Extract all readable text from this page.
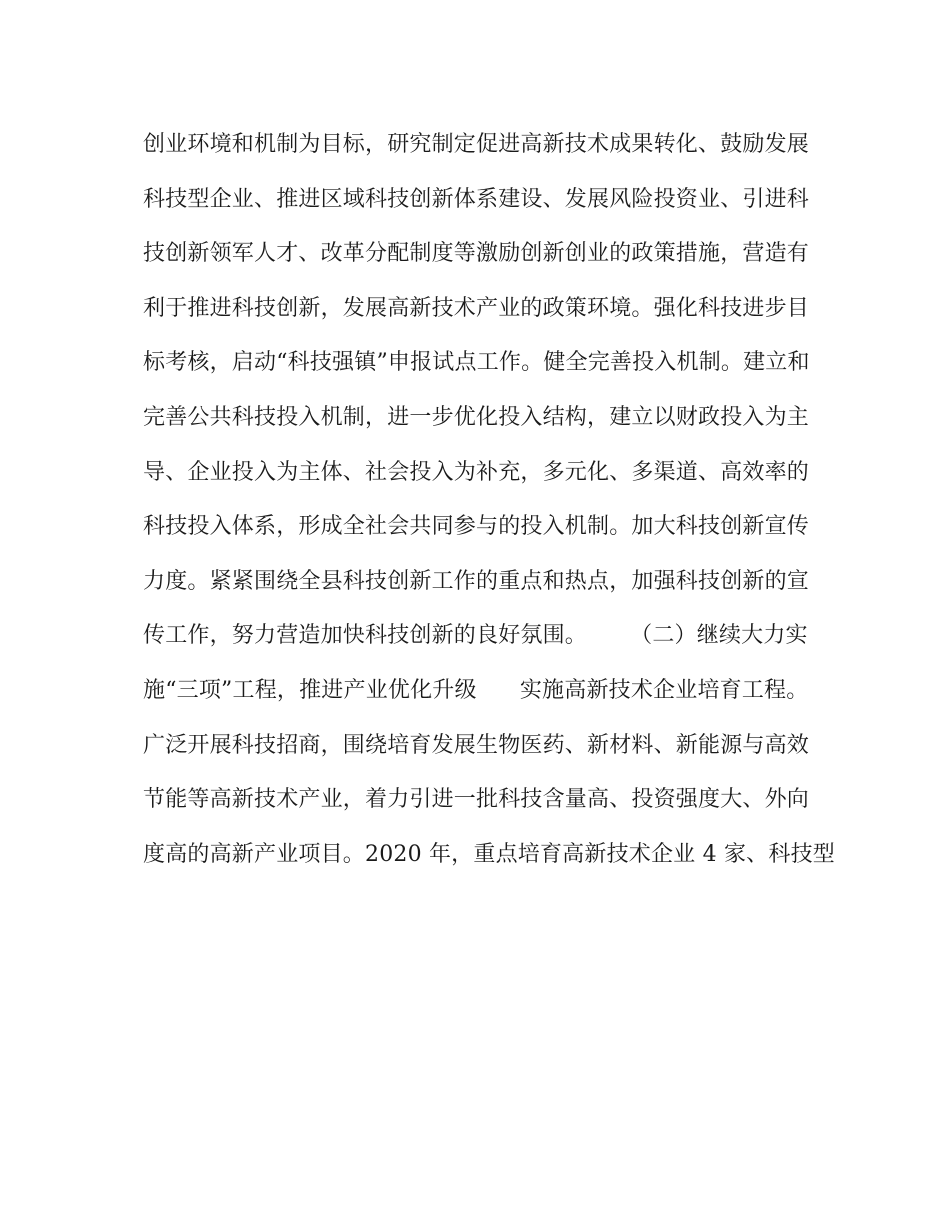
创业环境和机制为目标，研究制定促进高新技术成果转化、鼓励发展
科技型企业、推进区域科技创新体系建设、发展风险投资业、引进科
技创新领军人才、改革分配制度等激励创新创业的政策措施，营造有
利于推进科技创新，发展高新技术产业的政策环境。强化科技进步目
标考核，启动“科技强镇”申报试点工作。健全完善投入机制。建立和
完善公共科技投入机制，进一步优化投入结构，建立以财政投入为主
导、企业投入为主体、社会投入为补充，多元化、多渠道、高效率的
科技投入体系，形成全社会共同参与的投入机制。加大科技创新宣传
力度。紧紧围绕全县科技创新工作的重点和热点，加强科技创新的宣
传工作，努力营造加快科技创新的良好氛围。      （二）继续大力实
施“三项”工程，推进产业优化升级      实施高新技术企业培育工程。
广泛开展科技招商，围绕培育发展生物医药、新材料、新能源与高效
节能等高新技术产业，着力引进一批科技含量高、投资强度大、外向
度高的高新产业项目。2020 年，重点培育高新技术企业 4 家、科技型
